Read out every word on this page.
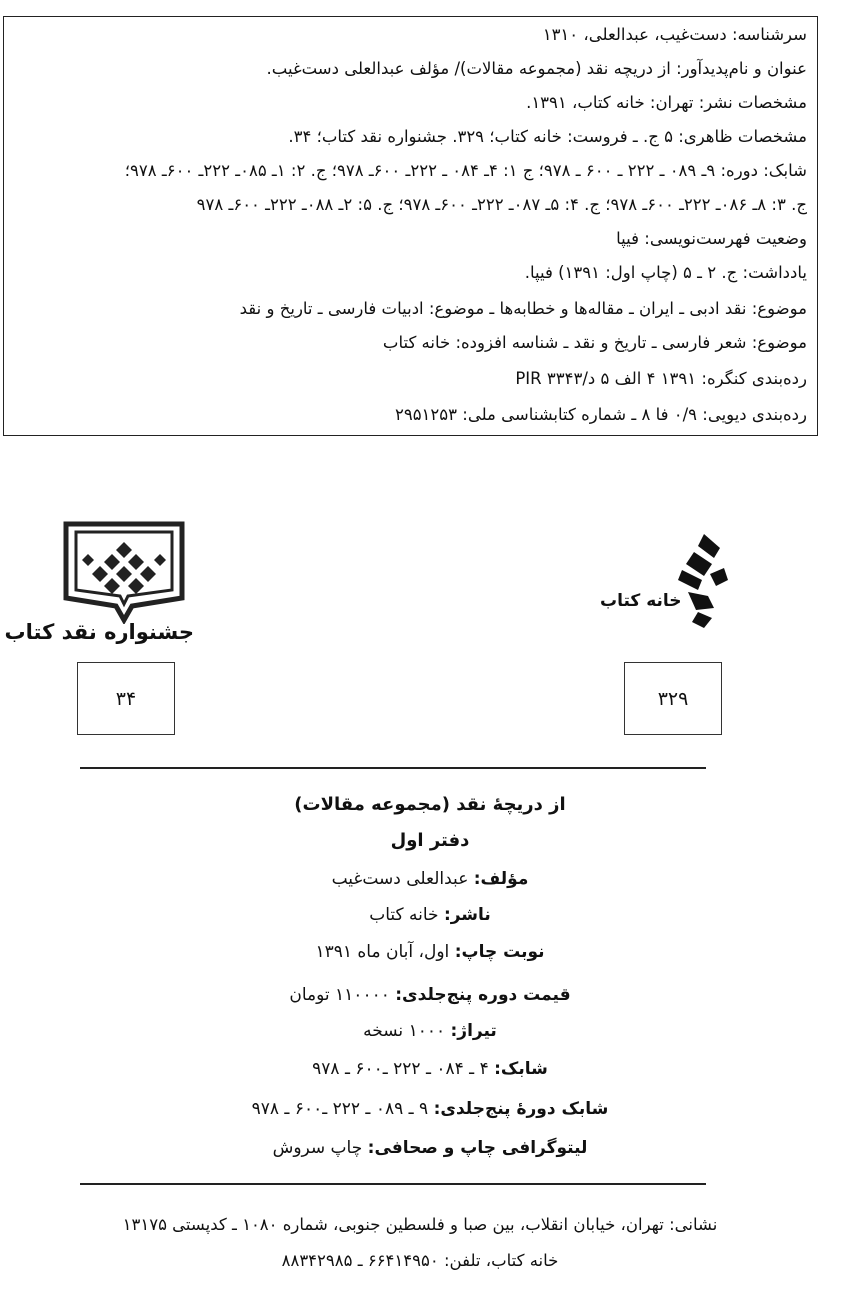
سرشناسه: دست‌غیب، عبدالعلی، ۱۳۱۰
عنوان و نام‌پدیدآور: از دریچه نقد (مجموعه مقالات)/ مؤلف عبدالعلی دست‌غیب.
مشخصات نشر: تهران: خانه کتاب، ۱۳۹۱.
مشخصات ظاهری: ۵ ج. ـ فروست: خانه کتاب؛ ۳۲۹. جشنواره نقد کتاب؛ ۳۴.
شابک: دوره: ۹ـ ۰۸۹ ـ ۲۲۲ ـ ۶۰۰ ـ ۹۷۸؛ ج ۱: ۴ـ ۰۸۴ ـ ۲۲۲ـ ۶۰۰ـ ۹۷۸؛ ج. ۲: ۱ـ ۰۸۵ـ ۲۲۲ـ ۶۰۰ـ ۹۷۸؛
ج. ۳: ۸ـ ۰۸۶ـ ۲۲۲ـ ۶۰۰ـ ۹۷۸؛ ج. ۴: ۵ـ ۰۸۷ـ ۲۲۲ـ ۶۰۰ـ ۹۷۸؛ ج. ۵: ۲ـ ۰۸۸ـ ۲۲۲ـ ۶۰۰ـ ۹۷۸
وضعیت فهرست‌نویسی: فیپا
یادداشت: ج. ۲ ـ ۵ (چاپ اول: ۱۳۹۱) فیپا.
موضوع: نقد ادبی ـ ایران ـ مقاله‌ها و خطابه‌ها ـ موضوع: ادبیات فارسی ـ تاریخ و نقد
موضوع: شعر فارسی ـ تاریخ و نقد ـ شناسه افزوده: خانه کتاب
رده‌بندی کنگره: ۱۳۹۱ ۴ الف ۵ د/PIR ۳۳۴۳
رده‌بندی دیویی: ۰/۹ فا ۸ ـ شماره کتابشناسی ملی: ۲۹۵۱۲۵۳
جشنواره نقد کتاب
خانه کتاب
۳۴	۳۲۹
از دریچهٔ نقد (مجموعه مقالات)
دفتر اول
مؤلف: عبدالعلی دست‌غیب
ناشر: خانه کتاب
نوبت چاپ: اول، آبان ماه ۱۳۹۱
قیمت دوره پنج‌جلدی: ۱۱۰۰۰۰ تومان
تیراژ: ۱۰۰۰ نسخه
شابک: ۴ ـ ۰۸۴ ـ ۲۲۲ ـ۶۰۰ ـ ۹۷۸
شابک دورهٔ پنج‌جلدی: ۹ ـ ۰۸۹ ـ ۲۲۲ ـ۶۰۰ ـ ۹۷۸
لیتوگرافی چاپ و صحافی: چاپ سروش
نشانی: تهران، خیابان انقلاب، بین صبا و فلسطین جنوبی، شماره ۱۰۸۰ ـ کدپستی ۱۳۱۷۵
خانه کتاب، تلفن: ۶۶۴۱۴۹۵۰ ـ ۸۸۳۴۲۹۸۵
